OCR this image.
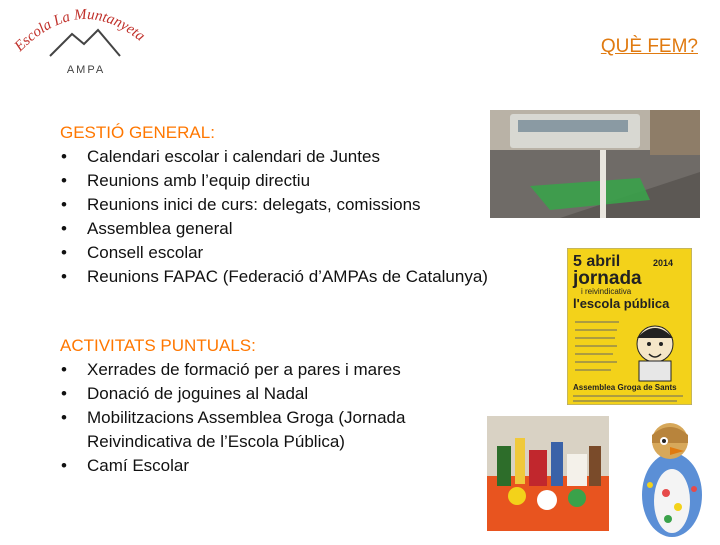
Escola La Muntanyeta
AMPA
QUÈ FEM?
GESTIÓ GENERAL:
• Calendari escolar i calendari de Juntes
• Reunions amb l’equip directiu
• Reunions inici de curs: delegats, comissions
• Assemblea general
• Consell escolar
• Reunions FAPAC (Federació d’AMPAs de Catalunya)
ACTIVITATS PUNTUALS:
• Xerrades de formació per a pares i mares
• Donació de joguines al Nadal
• Mobilitzacions Assemblea Groga (Jornada Reivindicativa de l’Escola Pública)
• Camí Escolar
5 abril	2014
jornada
i reivindicativa
l'escola pública
Assemblea Groga de Sants
